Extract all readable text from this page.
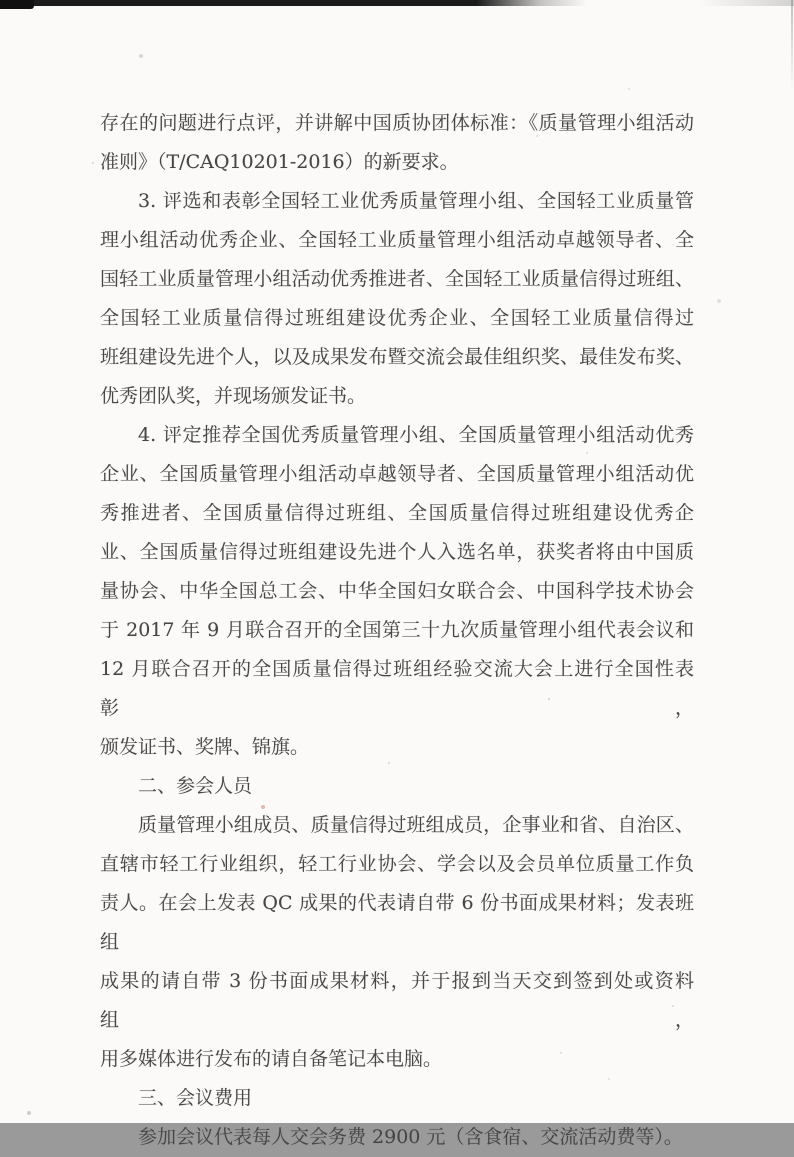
存在的问题进行点评，并讲解中国质协团体标准：《质量管理小组活动
准则》（T/CAQ10201-2016）的新要求。
3. 评选和表彰全国轻工业优秀质量管理小组、全国轻工业质量管
理小组活动优秀企业、全国轻工业质量管理小组活动卓越领导者、全
国轻工业质量管理小组活动优秀推进者、全国轻工业质量信得过班组、
全国轻工业质量信得过班组建设优秀企业、全国轻工业质量信得过
班组建设先进个人，以及成果发布暨交流会最佳组织奖、最佳发布奖、
优秀团队奖，并现场颁发证书。
4. 评定推荐全国优秀质量管理小组、全国质量管理小组活动优秀
企业、全国质量管理小组活动卓越领导者、全国质量管理小组活动优
秀推进者、全国质量信得过班组、全国质量信得过班组建设优秀企
业、全国质量信得过班组建设先进个人入选名单，获奖者将由中国质
量协会、中华全国总工会、中华全国妇女联合会、中国科学技术协会
于 2017 年 9 月联合召开的全国第三十九次质量管理小组代表会议和
12 月联合召开的全国质量信得过班组经验交流大会上进行全国性表彰，
颁发证书、奖牌、锦旗。
二、参会人员
质量管理小组成员、质量信得过班组成员，企事业和省、自治区、
直辖市轻工行业组织，轻工行业协会、学会以及会员单位质量工作负
责人。在会上发表 QC 成果的代表请自带 6 份书面成果材料；发表班组
成果的请自带 3 份书面成果材料，并于报到当天交到签到处或资料组，
用多媒体进行发布的请自备笔记本电脑。
三、会议费用
参加会议代表每人交会务费 2900 元（含食宿、交流活动费等）。
